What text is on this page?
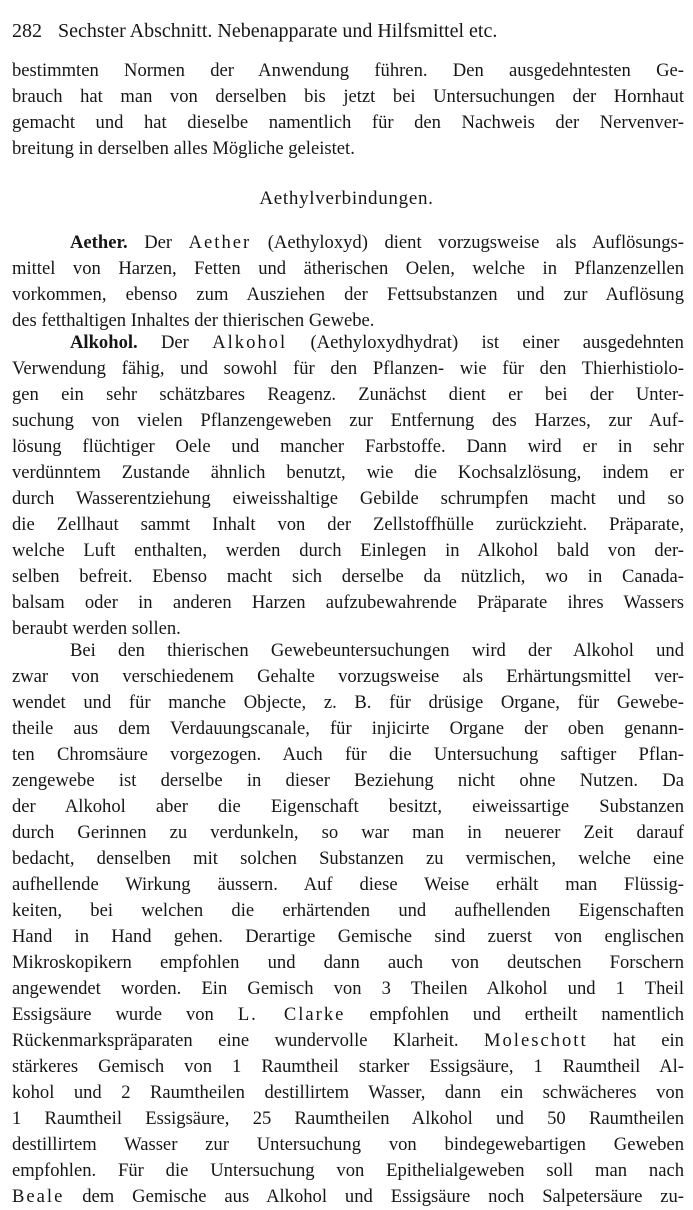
282 Sechster Abschnitt. Nebenapparate und Hilfsmittel etc.
bestimmten Normen der Anwendung führen. Den ausgedehntesten Ge-
brauch hat man von derselben bis jetzt bei Untersuchungen der Hornhaut
gemacht und hat dieselbe namentlich für den Nachweis der Nervenver-
breitung in derselben alles Mögliche geleistet.
Aethylverbindungen.
Aether. Der Aether (Aethyloxyd) dient vorzugsweise als Auflösungs-
mittel von Harzen, Fetten und ätherischen Oelen, welche in Pflanzenzellen
vorkommen, ebenso zum Ausziehen der Fettsubstanzen und zur Auflösung
des fetthaltigen Inhaltes der thierischen Gewebe.
Alkohol. Der Alkohol (Aethyloxydhydrat) ist einer ausgedehnten
Verwendung fähig, und sowohl für den Pflanzen- wie für den Thierhistiolo-
gen ein sehr schätzbares Reagenz. Zunächst dient er bei der Unter-
suchung von vielen Pflanzengeweben zur Entfernung des Harzes, zur Auf-
lösung flüchtiger Oele und mancher Farbstoffe. Dann wird er in sehr
verdünntem Zustande ähnlich benutzt, wie die Kochsalzlösung, indem er
durch Wasserentziehung eiweisshaltige Gebilde schrumpfen macht und so
die Zellhaut sammt Inhalt von der Zellstoffhülle zurückzieht. Präparate,
welche Luft enthalten, werden durch Einlegen in Alkohol bald von der-
selben befreit. Ebenso macht sich derselbe da nützlich, wo in Canada-
balsam oder in anderen Harzen aufzubewahrende Präparate ihres Wassers
beraubt werden sollen.
Bei den thierischen Gewebeuntersuchungen wird der Alkohol und
zwar von verschiedenem Gehalte vorzugsweise als Erhärtungsmittel ver-
wendet und für manche Objecte, z. B. für drüsige Organe, für Gewebe-
theile aus dem Verdauungscanale, für injicirte Organe der oben genann-
ten Chromsäure vorgezogen. Auch für die Untersuchung saftiger Pflan-
zengewebe ist derselbe in dieser Beziehung nicht ohne Nutzen. Da
der Alkohol aber die Eigenschaft besitzt, eiweissartige Substanzen
durch Gerinnen zu verdunkeln, so war man in neuerer Zeit darauf
bedacht, denselben mit solchen Substanzen zu vermischen, welche eine
aufhellende Wirkung äussern. Auf diese Weise erhält man Flüssig-
keiten, bei welchen die erhärtenden und aufhellenden Eigenschaften
Hand in Hand gehen. Derartige Gemische sind zuerst von englischen
Mikroskopikern empfohlen und dann auch von deutschen Forschern
angewendet worden. Ein Gemisch von 3 Theilen Alkohol und 1 Theil
Essigsäure wurde von L. Clarke empfohlen und ertheilt namentlich
Rückenmarkspräparaten eine wundervolle Klarheit. Moleschott hat ein
stärkeres Gemisch von 1 Raumtheil starker Essigsäure, 1 Raumtheil Al-
kohol und 2 Raumtheilen destillirtem Wasser, dann ein schwächeres von
1 Raumtheil Essigsäure, 25 Raumtheilen Alkohol und 50 Raumtheilen
destillirtem Wasser zur Untersuchung von bindegewebartigen Geweben
empfohlen. Für die Untersuchung von Epithelialgeweben soll man nach
Beale dem Gemische aus Alkohol und Essigsäure noch Salpetersäure zu-
